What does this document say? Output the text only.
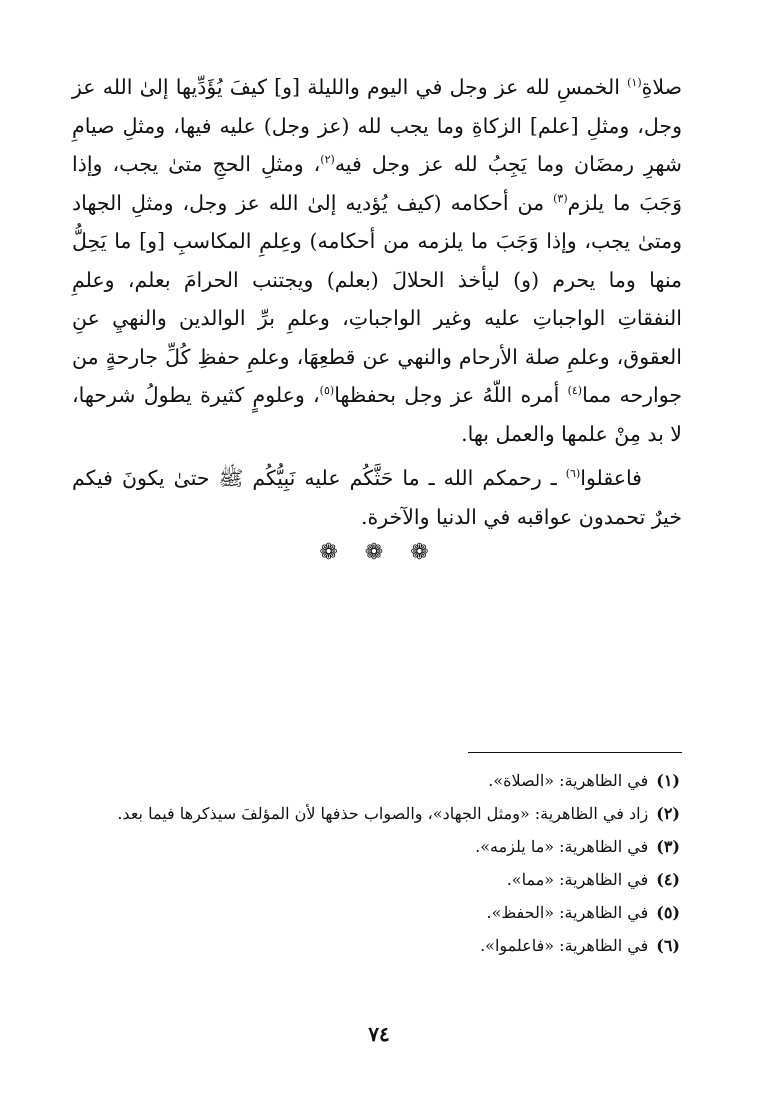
صلاةِ$^{(١)}$ الخمسِ لله عز وجل في اليوم والليلة [و] كيفَ يُؤَدِّيها إلىٰ الله عز وجل، ومثلِ [علم] الزكاةِ وما يجب لله (عز وجل) عليه فيها، ومثلِ صيامِ شهرِ رمضَان وما يَجِبُ لله عز وجل فيه$^{(٢)}$، ومثلِ الحجِ متىٰ يجب، وإذا وَجَبَ ما يلزم$^{(٣)}$ من أحكامه (كيف يُؤديه إلىٰ الله عز وجل، ومثلِ الجهاد ومتىٰ يجب، وإذا وَجَبَ ما يلزمه من أحكامه) وعِلمِ المكاسبِ [و] ما يَحِلُّ منها وما يحرم (و) ليأخذ الحلالَ (بعلم) ويجتنب الحرامَ بعلم، وعلمِ النفقاتِ الواجباتِ عليه وغير الواجباتِ، وعلمِ برِّ الوالدين والنهيِ عنِ العقوق، وعلمِ صلة الأرحام والنهي عن قطعِهَا، وعلمِ حفظِ كُلِّ جارحةٍ من جوارحه مما$^{(٤)}$ أمره اللّهُ عز وجل بحفظها$^{(٥)}$، وعلومٍ كثيرة يطولُ شرحها، لا بد مِنْ علمها والعمل بها.

فاعقلوا$^{(٦)}$ ـ رحمكم الله ـ ما حَثَّكُم عليه نَبِيُّكُم ﷺ حتىٰ يكونَ فيكم خيرٌ تحمدون عواقبه في الدنيا والآخرة.

❁ ❁ ❁
(١)في الظاهرية: «الصلاة».
(٢)زاد في الظاهرية: «ومثل الجهاد»، والصواب حذفها لأن المؤلفَ سيذكرها فيما بعد.
(٣)في الظاهرية: «ما يلزمه».
(٤)في الظاهرية: «مما».
(٥)في الظاهرية: «الحفظ».
(٦)في الظاهرية: «فاعلموا».
٧٤
